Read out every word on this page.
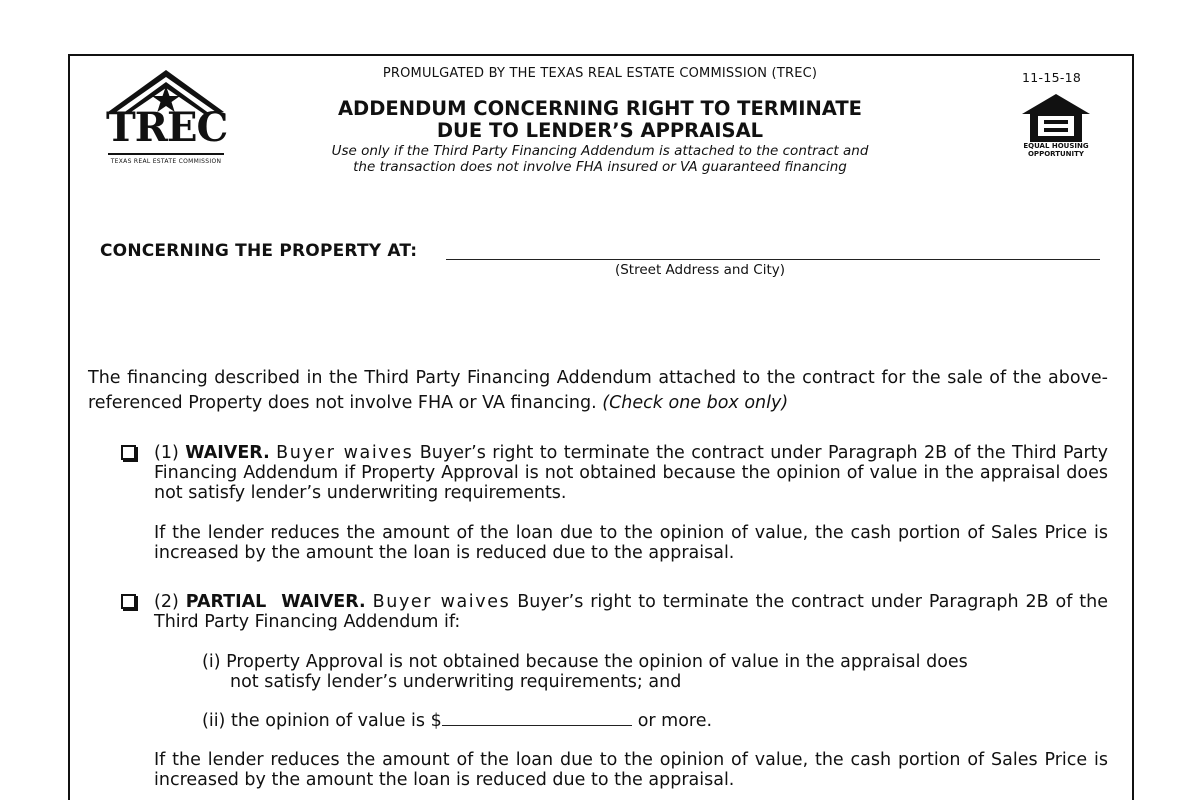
TREC
TEXAS REAL ESTATE COMMISSION
PROMULGATED BY THE TEXAS REAL ESTATE COMMISSION (TREC)
ADDENDUM CONCERNING RIGHT TO TERMINATE
DUE TO LENDER’S APPRAISAL
Use only if the Third Party Financing Addendum is attached to the contract and
the transaction does not involve FHA insured or VA guaranteed financing
11-15-18
EQUAL HOUSING
OPPORTUNITY
CONCERNING THE PROPERTY AT:
(Street Address and City)
The financing described in the Third Party Financing Addendum attached to the contract for the sale of the above-referenced Property does not involve FHA or VA financing. (Check one box only)
(1) WAIVER. Buyer waives Buyer’s right to terminate the contract under Paragraph 2B of the Third Party Financing Addendum if Property Approval is not obtained because the opinion of value in the appraisal does not satisfy lender’s underwriting requirements.
If the lender reduces the amount of the loan due to the opinion of value, the cash portion of Sales Price is increased by the amount the loan is reduced due to the appraisal.
(2) PARTIAL  WAIVER. Buyer waives Buyer’s right to terminate the contract under Paragraph 2B of the Third Party Financing Addendum if:
(i) Property Approval is not obtained because the opinion of value in the appraisal does
not satisfy lender’s underwriting requirements; and
(ii) the opinion of value is $	or more.
If the lender reduces the amount of the loan due to the opinion of value, the cash portion of Sales Price is increased by the amount the loan is reduced due to the appraisal.
